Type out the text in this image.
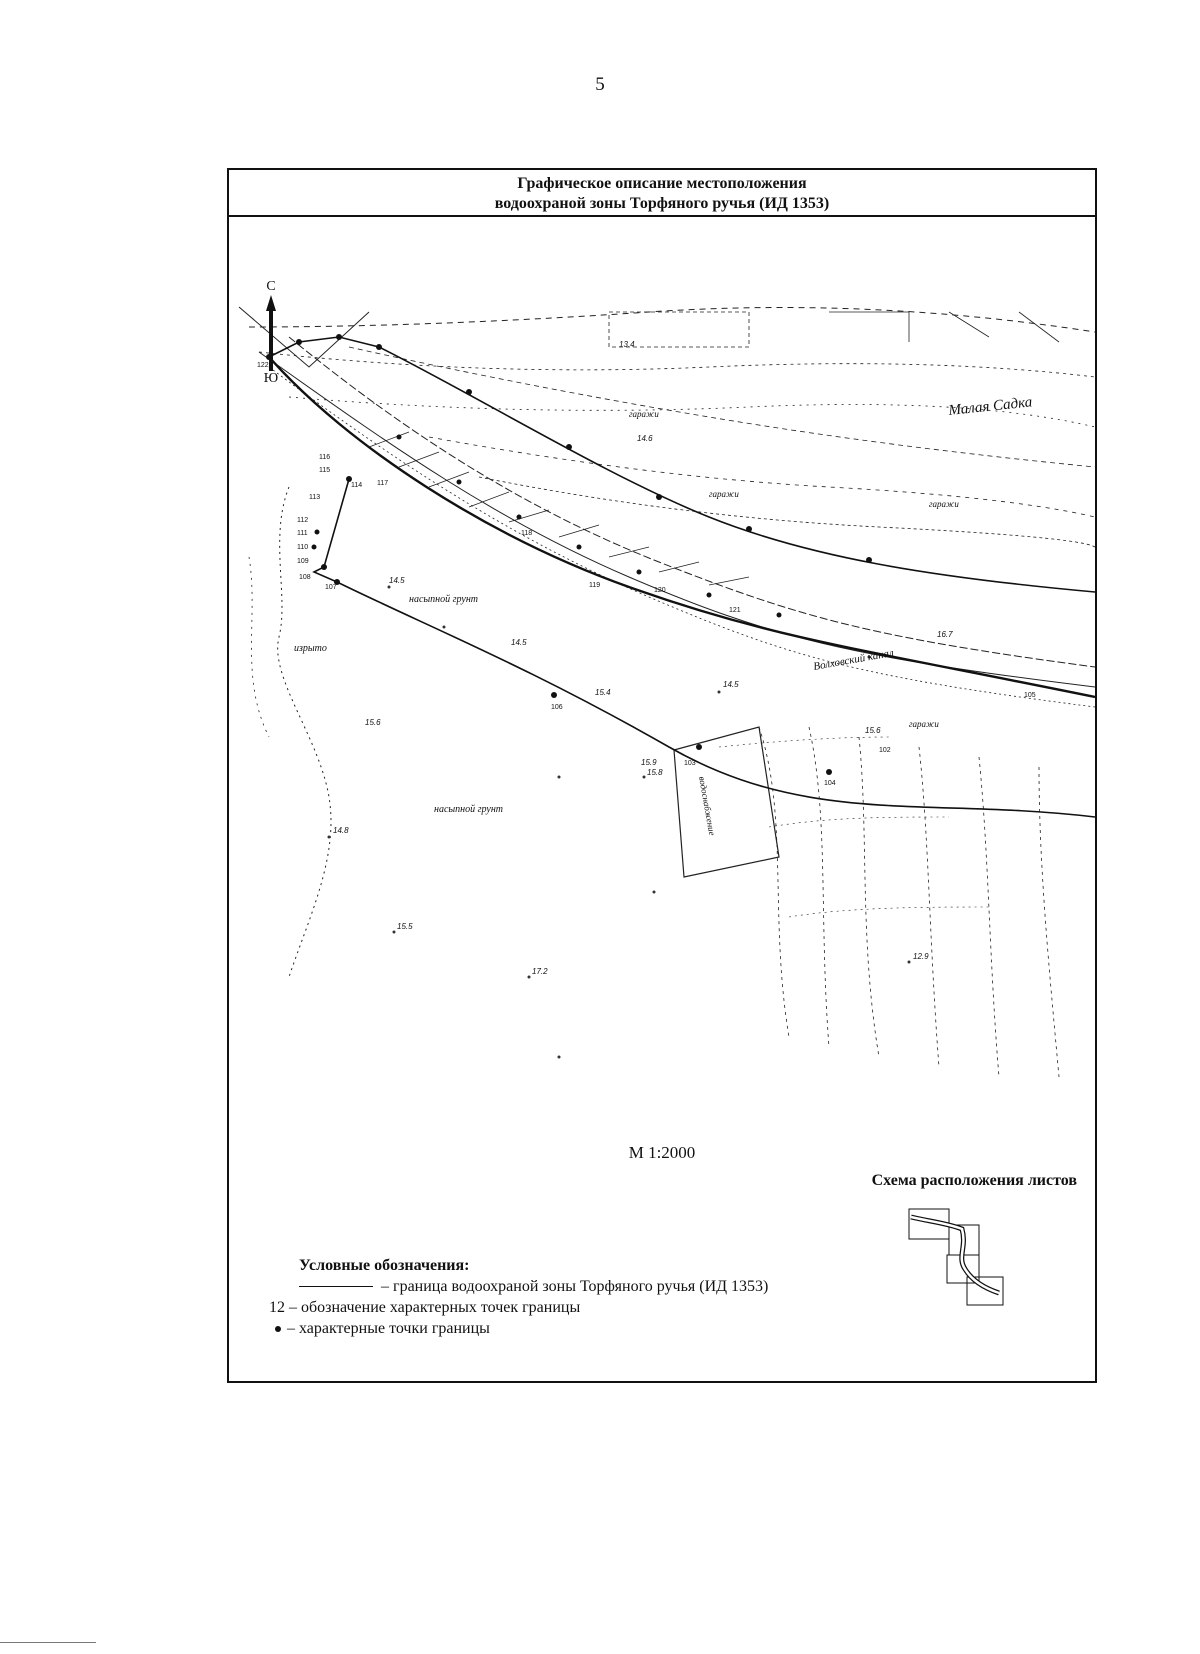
5
Графическое описание местоположения
водоохраной зоны Торфяного ручья (ИД 1353)
Малая Садка
Волховский канал
насыпной грунт
насыпной грунт
изрыто
водоснабжение
гаражи
гаражи
гаражи
гаражи
107
108
109
110
111
112
113
114
115
116
117
118
119
120
121
122
102
103
104
105
106
14.5
15.4
14.5
15.6
14.8
15.5
17.2
15.8
14.5
16.7
12.9
15.6
13.4
14.6
15.9
С
Ю
М 1:2000
Схема расположения листов
Условные обозначения:
– граница водоохраной зоны Торфяного ручья (ИД 1353)
12 – обозначение характерных точек границы
– характерные точки границы
